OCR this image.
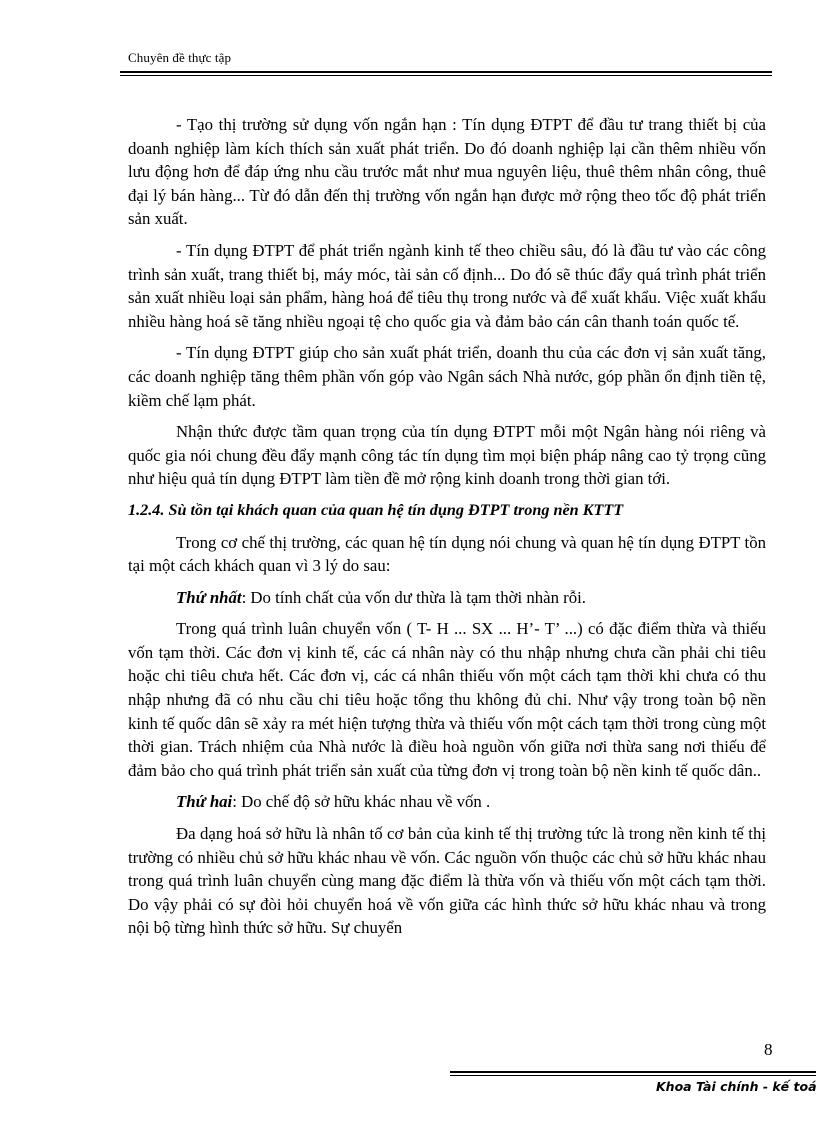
Chuyên đề thực tập

- Tạo thị trường sử dụng vốn ngắn hạn : Tín dụng ĐTPT để đầu tư trang thiết bị của doanh nghiệp làm kích thích sản xuất phát triển. Do đó doanh nghiệp lại cần thêm nhiều vốn lưu động hơn để đáp ứng nhu cầu trước mắt như mua nguyên liệu, thuê thêm nhân công, thuê đại lý bán hàng... Từ đó dẫn đến thị trường vốn ngắn hạn được mở rộng theo tốc độ phát triển sản xuất.

- Tín dụng ĐTPT để phát triển ngành kinh tế theo chiều sâu, đó là đầu tư vào các công trình sản xuất, trang thiết bị, máy móc, tài sản cố định... Do đó sẽ thúc đẩy quá trình phát triển sản xuất nhiều loại sản phẩm, hàng hoá để tiêu thụ trong nước và để xuất khẩu. Việc xuất khẩu nhiều hàng hoá sẽ tăng nhiều ngoại tệ cho quốc gia và đảm bảo cán cân thanh toán quốc tế.

- Tín dụng ĐTPT giúp cho sản xuất phát triển, doanh thu của các đơn vị sản xuất tăng, các doanh nghiệp tăng thêm phần vốn góp vào Ngân sách Nhà nước, góp phần ổn định tiền tệ, kiềm chế lạm phát.

Nhận thức được tầm quan trọng của tín dụng ĐTPT mỗi một Ngân hàng nói riêng và quốc gia nói chung đều đẩy mạnh công tác tín dụng tìm mọi biện pháp nâng cao tỷ trọng cũng như hiệu quả tín dụng ĐTPT làm tiền đề mở rộng kinh doanh trong thời gian tới.

1.2.4. Sù tồn tại khách quan của quan hệ tín dụng ĐTPT trong nền KTTT

Trong cơ chế thị trường, các quan hệ tín dụng nói chung và quan hệ tín dụng ĐTPT tồn tại một cách khách quan vì 3 lý do sau:

Thứ nhất: Do tính chất của vốn dư thừa là tạm thời nhàn rỗi.

Trong quá trình luân chuyển vốn ( T- H ... SX ... H’- T’ ...) có đặc điểm thừa và thiếu vốn tạm thời. Các đơn vị kinh tế, các cá nhân này có thu nhập nhưng chưa cần phải chi tiêu hoặc chi tiêu chưa hết. Các đơn vị, các cá nhân thiếu vốn một cách tạm thời khi chưa có thu nhập nhưng đã có nhu cầu chi tiêu hoặc tổng thu không đủ chi. Như vậy trong toàn bộ nền kinh tế quốc dân sẽ xảy ra mét hiện tượng thừa và thiếu vốn một cách tạm thời trong cùng một thời gian. Trách nhiệm của Nhà nước là điều hoà nguồn vốn giữa nơi thừa sang nơi thiếu để đảm bảo cho quá trình phát triển sản xuất của từng đơn vị trong toàn bộ nền kinh tế quốc dân..

Thứ hai: Do chế độ sở hữu khác nhau về vốn .

Đa dạng hoá sở hữu là nhân tố cơ bản của kinh tế thị trường tức là trong nền kinh tế thị trường có nhiều chủ sở hữu khác nhau về vốn. Các nguồn vốn thuộc các chủ sở hữu khác nhau trong quá trình luân chuyển cùng mang đặc điểm là thừa vốn và thiếu vốn một cách tạm thời. Do vậy phải có sự đòi hỏi chuyển hoá về vốn giữa các hình thức sở hữu khác nhau và trong nội bộ từng hình thức sở hữu. Sự chuyển

8
Khoa Tài chính - kế toá
